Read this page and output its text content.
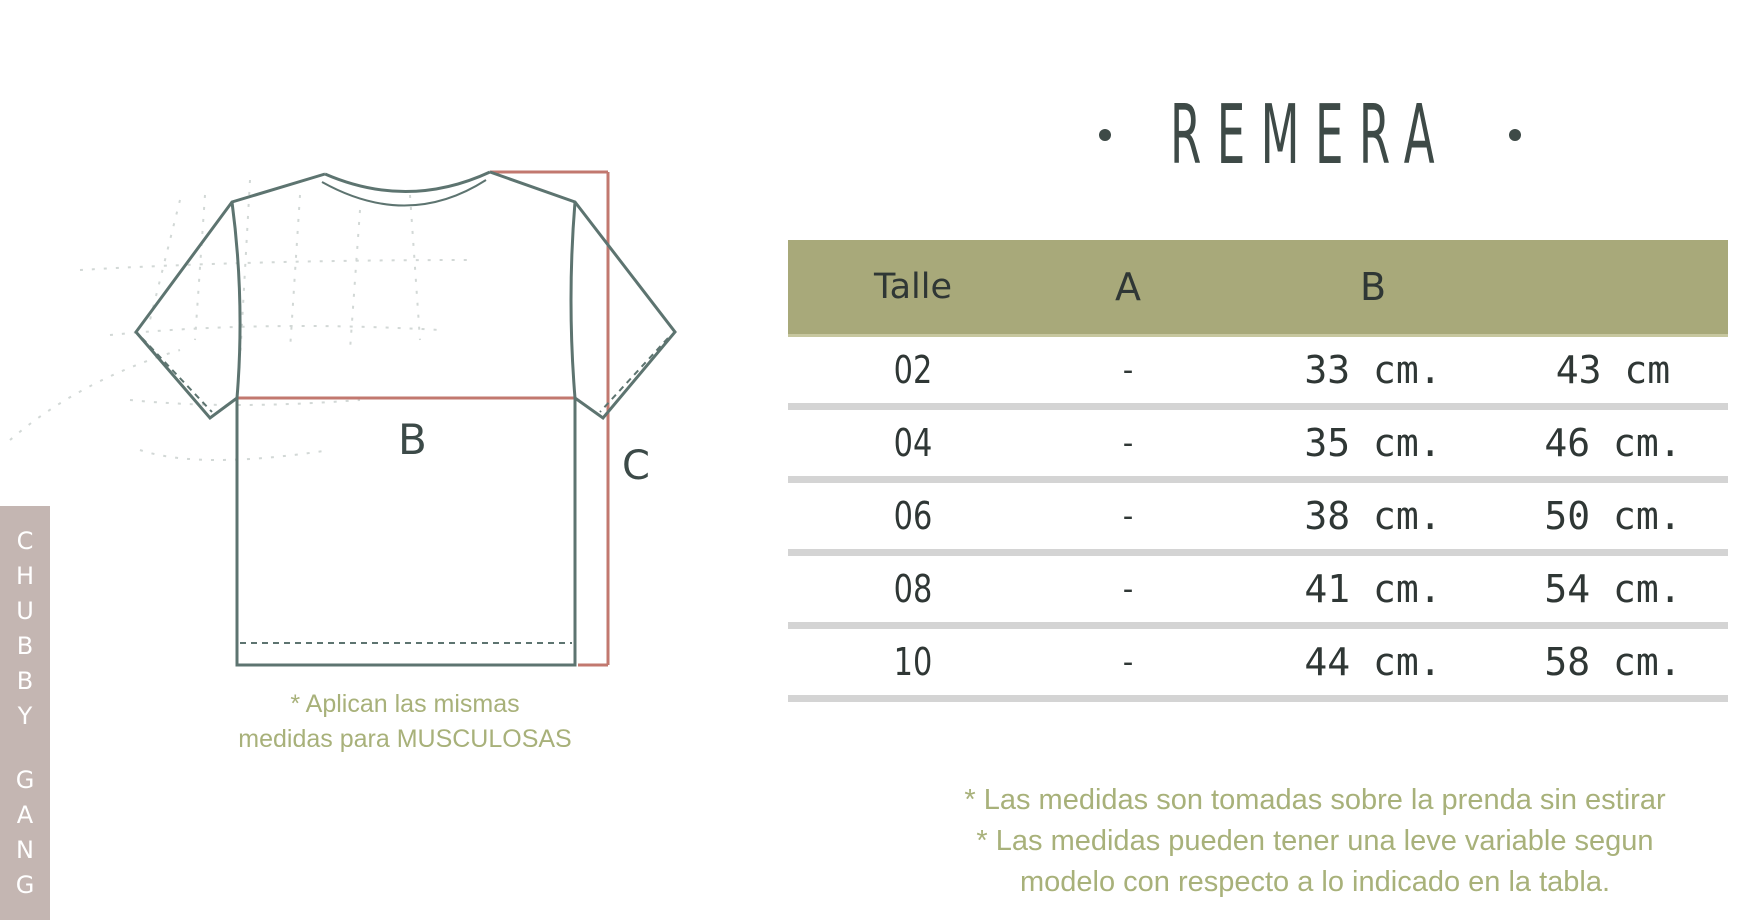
C
H
U
B
B
Y
G
A
N
G
B
C
* Aplican las mismas
medidas para MUSCULOSAS
REMERA
Talle	A	B
02	-	33 cm.	43 cm
04	-	35 cm.	46 cm.
06	-	38 cm.	50 cm.
08	-	41 cm.	54 cm.
10	-	44 cm.	58 cm.
* Las medidas son tomadas sobre la prenda sin estirar
* Las medidas pueden tener una leve variable segun
modelo con respecto a lo indicado en la tabla.
